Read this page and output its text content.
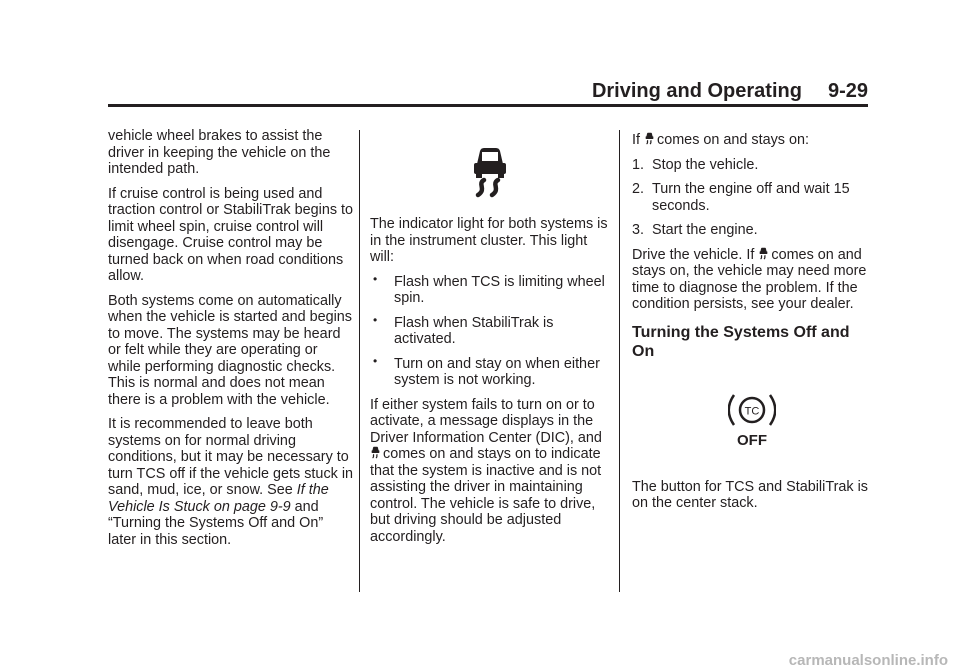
Driving and Operating 9-29

vehicle wheel brakes to assist the driver in keeping the vehicle on the intended path.

If cruise control is being used and traction control or StabiliTrak begins to limit wheel spin, cruise control will disengage. Cruise control may be turned back on when road conditions allow.

Both systems come on automatically when the vehicle is started and begins to move. The systems may be heard or felt while they are operating or while performing diagnostic checks. This is normal and does not mean there is a problem with the vehicle.

It is recommended to leave both systems on for normal driving conditions, but it may be necessary to turn TCS off if the vehicle gets stuck in sand, mud, ice, or snow. See If the Vehicle Is Stuck on page 9-9 and “Turning the Systems Off and On” later in this section.

The indicator light for both systems is in the instrument cluster. This light will:

• Flash when TCS is limiting wheel spin.
• Flash when StabiliTrak is activated.
• Turn on and stay on when either system is not working.

If either system fails to turn on or to activate, a message displays in the Driver Information Center (DIC), and comes on and stays on to indicate that the system is inactive and is not assisting the driver in maintaining control. The vehicle is safe to drive, but driving should be adjusted accordingly.

If comes on and stays on:

1. Stop the vehicle.
2. Turn the engine off and wait 15 seconds.
3. Start the engine.

Drive the vehicle. If comes on and stays on, the vehicle may need more time to diagnose the problem. If the condition persists, see your dealer.

Turning the Systems Off and On
TC
OFF

The button for TCS and StabiliTrak is on the center stack.

carmanualsonline.info
